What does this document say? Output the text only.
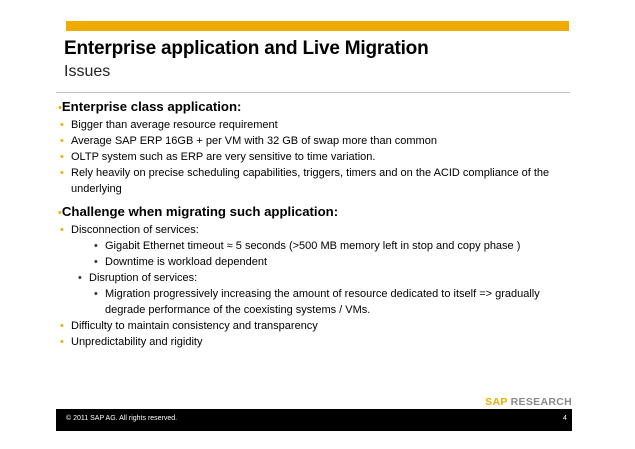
Enterprise application and Live Migration
Issues
•Enterprise class application:
• Bigger than average resource requirement
• Average SAP ERP 16GB + per VM with 32 GB of swap more than common
• OLTP system such as ERP are very sensitive to time variation.
• Rely heavily on precise scheduling capabilities, triggers, timers and on the ACID compliance of the underlying
•Challenge when migrating such application:
• Disconnection of services:
• Gigabit Ethernet timeout ≈ 5 seconds (>500 MB memory left in stop and copy phase )
• Downtime is workload dependent
• Disruption of services:
• Migration progressively increasing the amount of resource dedicated to itself => gradually degrade performance of the coexisting systems / VMs.
• Difficulty to maintain consistency and transparency
• Unpredictability and rigidity
SAP RESEARCH
© 2011 SAP AG. All rights reserved.	4
